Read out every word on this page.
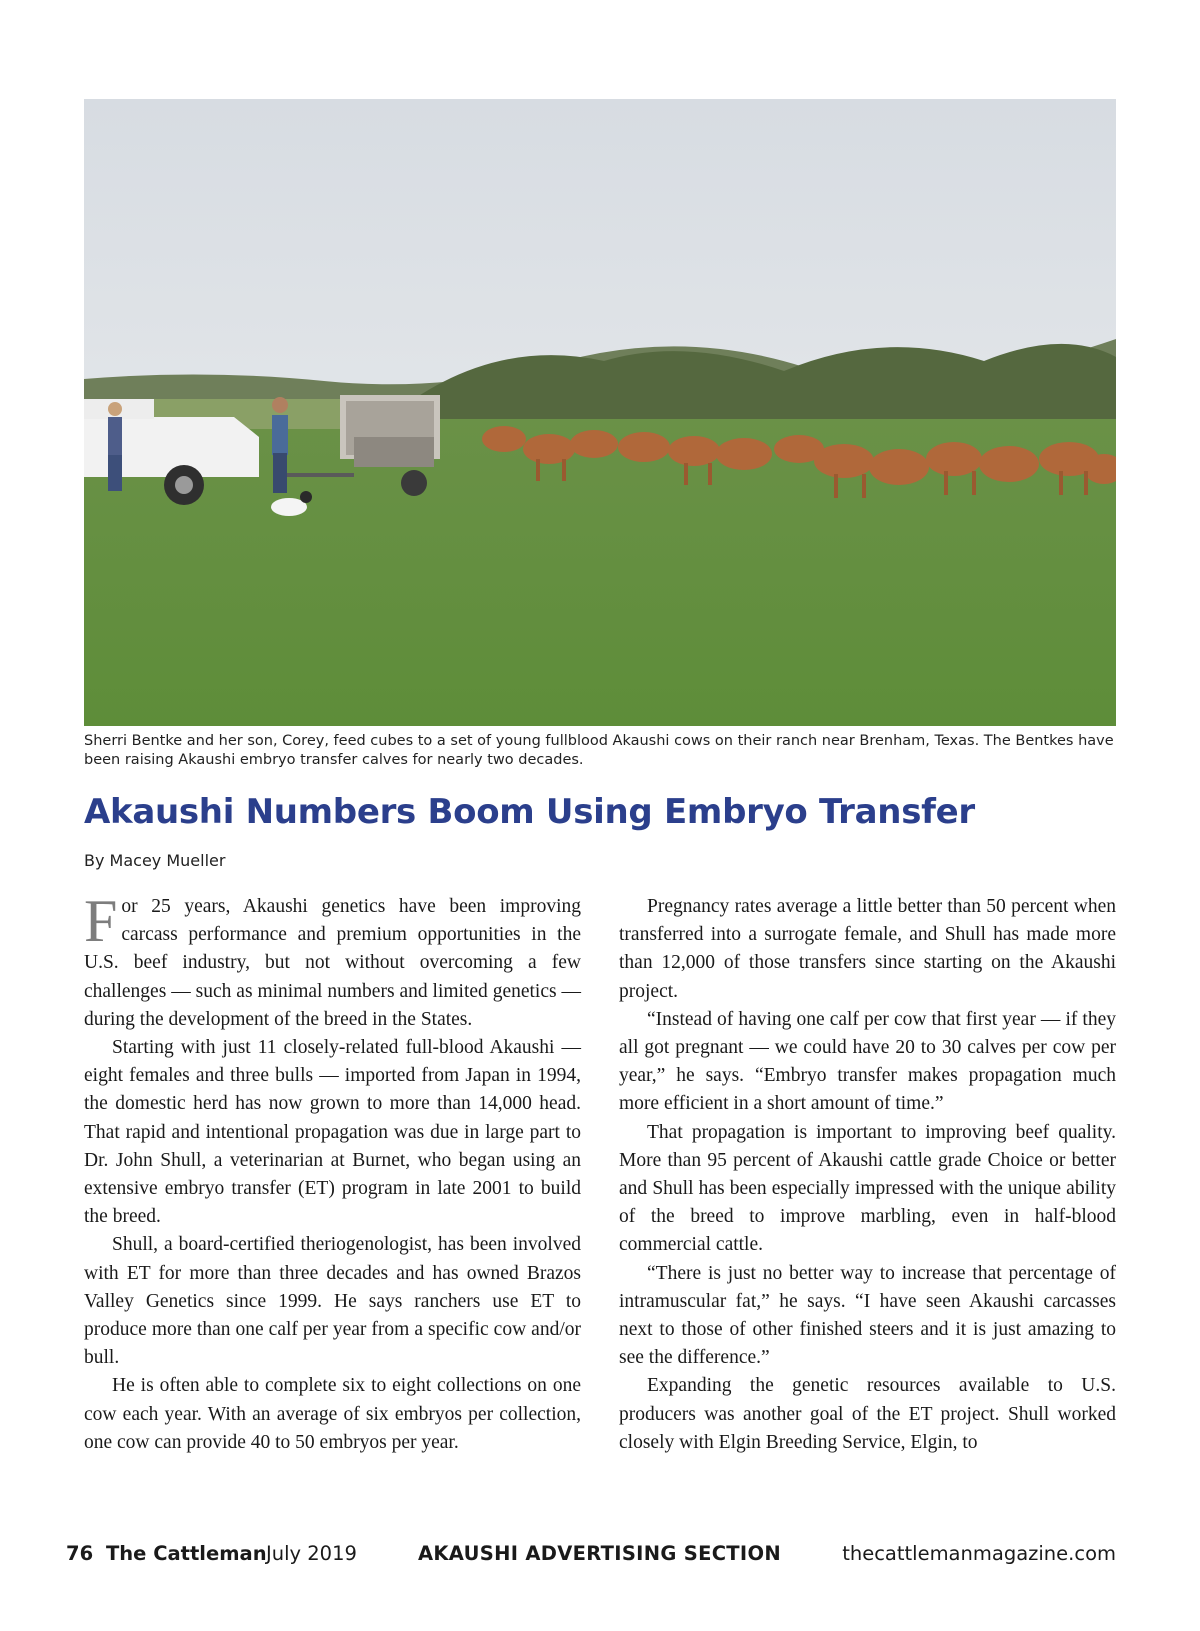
Sherri Bentke and her son, Corey, feed cubes to a set of young fullblood Akaushi cows on their ranch near Brenham, Texas. The Bentkes have been raising Akaushi embryo transfer calves for nearly two decades.
Akaushi Numbers Boom Using Embryo Transfer
By Macey Mueller

For 25 years, Akaushi genetics have been improving carcass performance and premium opportunities in the U.S. beef industry, but not without overcoming a few challenges — such as minimal numbers and limited genetics — during the development of the breed in the States.

Starting with just 11 closely-related full-blood Akaushi — eight females and three bulls — imported from Japan in 1994, the domestic herd has now grown to more than 14,000 head. That rapid and intentional propagation was due in large part to Dr. John Shull, a veterinarian at Burnet, who began using an extensive embryo transfer (ET) program in late 2001 to build the breed.

Shull, a board-certified theriogenologist, has been involved with ET for more than three decades and has owned Brazos Valley Genetics since 1999. He says ranchers use ET to produce more than one calf per year from a specific cow and/or bull.

He is often able to complete six to eight collections on one cow each year. With an average of six embryos per collection, one cow can provide 40 to 50 embryos per year.

Pregnancy rates average a little better than 50 percent when transferred into a surrogate female, and Shull has made more than 12,000 of those transfers since starting on the Akaushi project.

“Instead of having one calf per cow that first year — if they all got pregnant — we could have 20 to 30 calves per cow per year,” he says. “Embryo transfer makes propagation much more efficient in a short amount of time.”

That propagation is important to improving beef quality. More than 95 percent of Akaushi cattle grade Choice or better and Shull has been especially impressed with the unique ability of the breed to improve marbling, even in half-blood commercial cattle.

“There is just no better way to increase that percentage of intramuscular fat,” he says. “I have seen Akaushi carcasses next to those of other finished steers and it is just amazing to see the difference.”

Expanding the genetic resources available to U.S. producers was another goal of the ET project. Shull worked closely with Elgin Breeding Service, Elgin, to

76 The Cattleman July 2019	AKAUSHI ADVERTISING SECTION	thecattlemanmagazine.com
